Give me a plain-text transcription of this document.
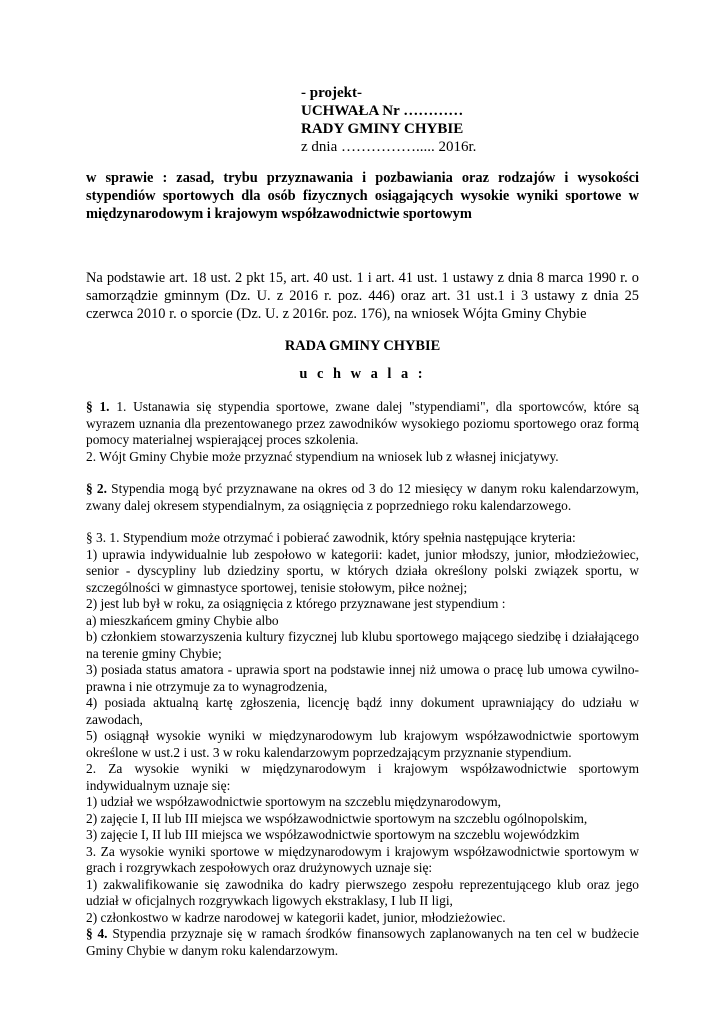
- projekt-
UCHWAŁA Nr …………
RADY GMINY CHYBIE
z dnia ……………..... 2016r.
w sprawie : zasad, trybu przyznawania i pozbawiania oraz rodzajów i wysokości stypendiów sportowych dla osób fizycznych osiągających wysokie wyniki sportowe w międzynarodowym i krajowym współzawodnictwie sportowym
Na podstawie art. 18 ust. 2 pkt 15, art. 40 ust. 1 i art. 41 ust. 1 ustawy z dnia 8 marca 1990 r. o samorządzie gminnym (Dz. U. z 2016 r. poz. 446) oraz art. 31 ust.1 i 3 ustawy z dnia 25 czerwca 2010 r. o sporcie (Dz. U. z 2016r. poz. 176), na wniosek Wójta Gminy Chybie
RADA GMINY CHYBIE
u c h w a l a :

§ 1. 1. Ustanawia się stypendia sportowe, zwane dalej "stypendiami", dla sportowców, które są wyrazem uznania dla prezentowanego przez zawodników wysokiego poziomu sportowego oraz formą pomocy materialnej wspierającej proces szkolenia.

2. Wójt Gminy Chybie może przyznać stypendium na wniosek lub z własnej inicjatywy.

§ 2. Stypendia mogą być przyznawane na okres od 3 do 12 miesięcy w danym roku kalendarzowym, zwany dalej okresem stypendialnym, za osiągnięcia z poprzedniego roku kalendarzowego.

§ 3. 1. Stypendium może otrzymać i pobierać zawodnik, który spełnia następujące kryteria:

1) uprawia indywidualnie lub zespołowo w kategorii: kadet, junior młodszy, junior, młodzieżowiec, senior - dyscypliny lub dziedziny sportu, w których działa określony polski związek sportu, w szczególności w gimnastyce sportowej, tenisie stołowym, piłce nożnej;

2) jest lub był w roku, za osiągnięcia z którego przyznawane jest stypendium :

a) mieszkańcem gminy Chybie albo

b) członkiem stowarzyszenia kultury fizycznej lub klubu sportowego mającego siedzibę i działającego na terenie gminy Chybie;

3) posiada status amatora - uprawia sport na podstawie innej niż umowa o pracę lub umowa cywilno-prawna i nie otrzymuje za to wynagrodzenia,

4) posiada aktualną kartę zgłoszenia, licencję bądź inny dokument uprawniający do udziału w zawodach,

5) osiągnął wysokie wyniki w międzynarodowym lub krajowym współzawodnictwie sportowym określone w ust.2 i ust. 3 w roku kalendarzowym poprzedzającym przyznanie stypendium.

2. Za wysokie wyniki w międzynarodowym i krajowym współzawodnictwie sportowym indywidualnym uznaje się:

1) udział we współzawodnictwie sportowym na szczeblu międzynarodowym,

2) zajęcie I, II lub III miejsca we współzawodnictwie sportowym na szczeblu ogólnopolskim,

3) zajęcie I, II lub III miejsca we współzawodnictwie sportowym na szczeblu wojewódzkim

3. Za wysokie wyniki sportowe w międzynarodowym i krajowym współzawodnictwie sportowym w grach i rozgrywkach zespołowych oraz drużynowych uznaje się:

1) zakwalifikowanie się zawodnika do kadry pierwszego zespołu reprezentującego klub oraz jego udział w oficjalnych rozgrywkach ligowych ekstraklasy, I lub II ligi,

2) członkostwo w kadrze narodowej w kategorii kadet, junior, młodzieżowiec.

§ 4. Stypendia przyznaje się w ramach środków finansowych zaplanowanych na ten cel w budżecie Gminy Chybie w danym roku kalendarzowym.
